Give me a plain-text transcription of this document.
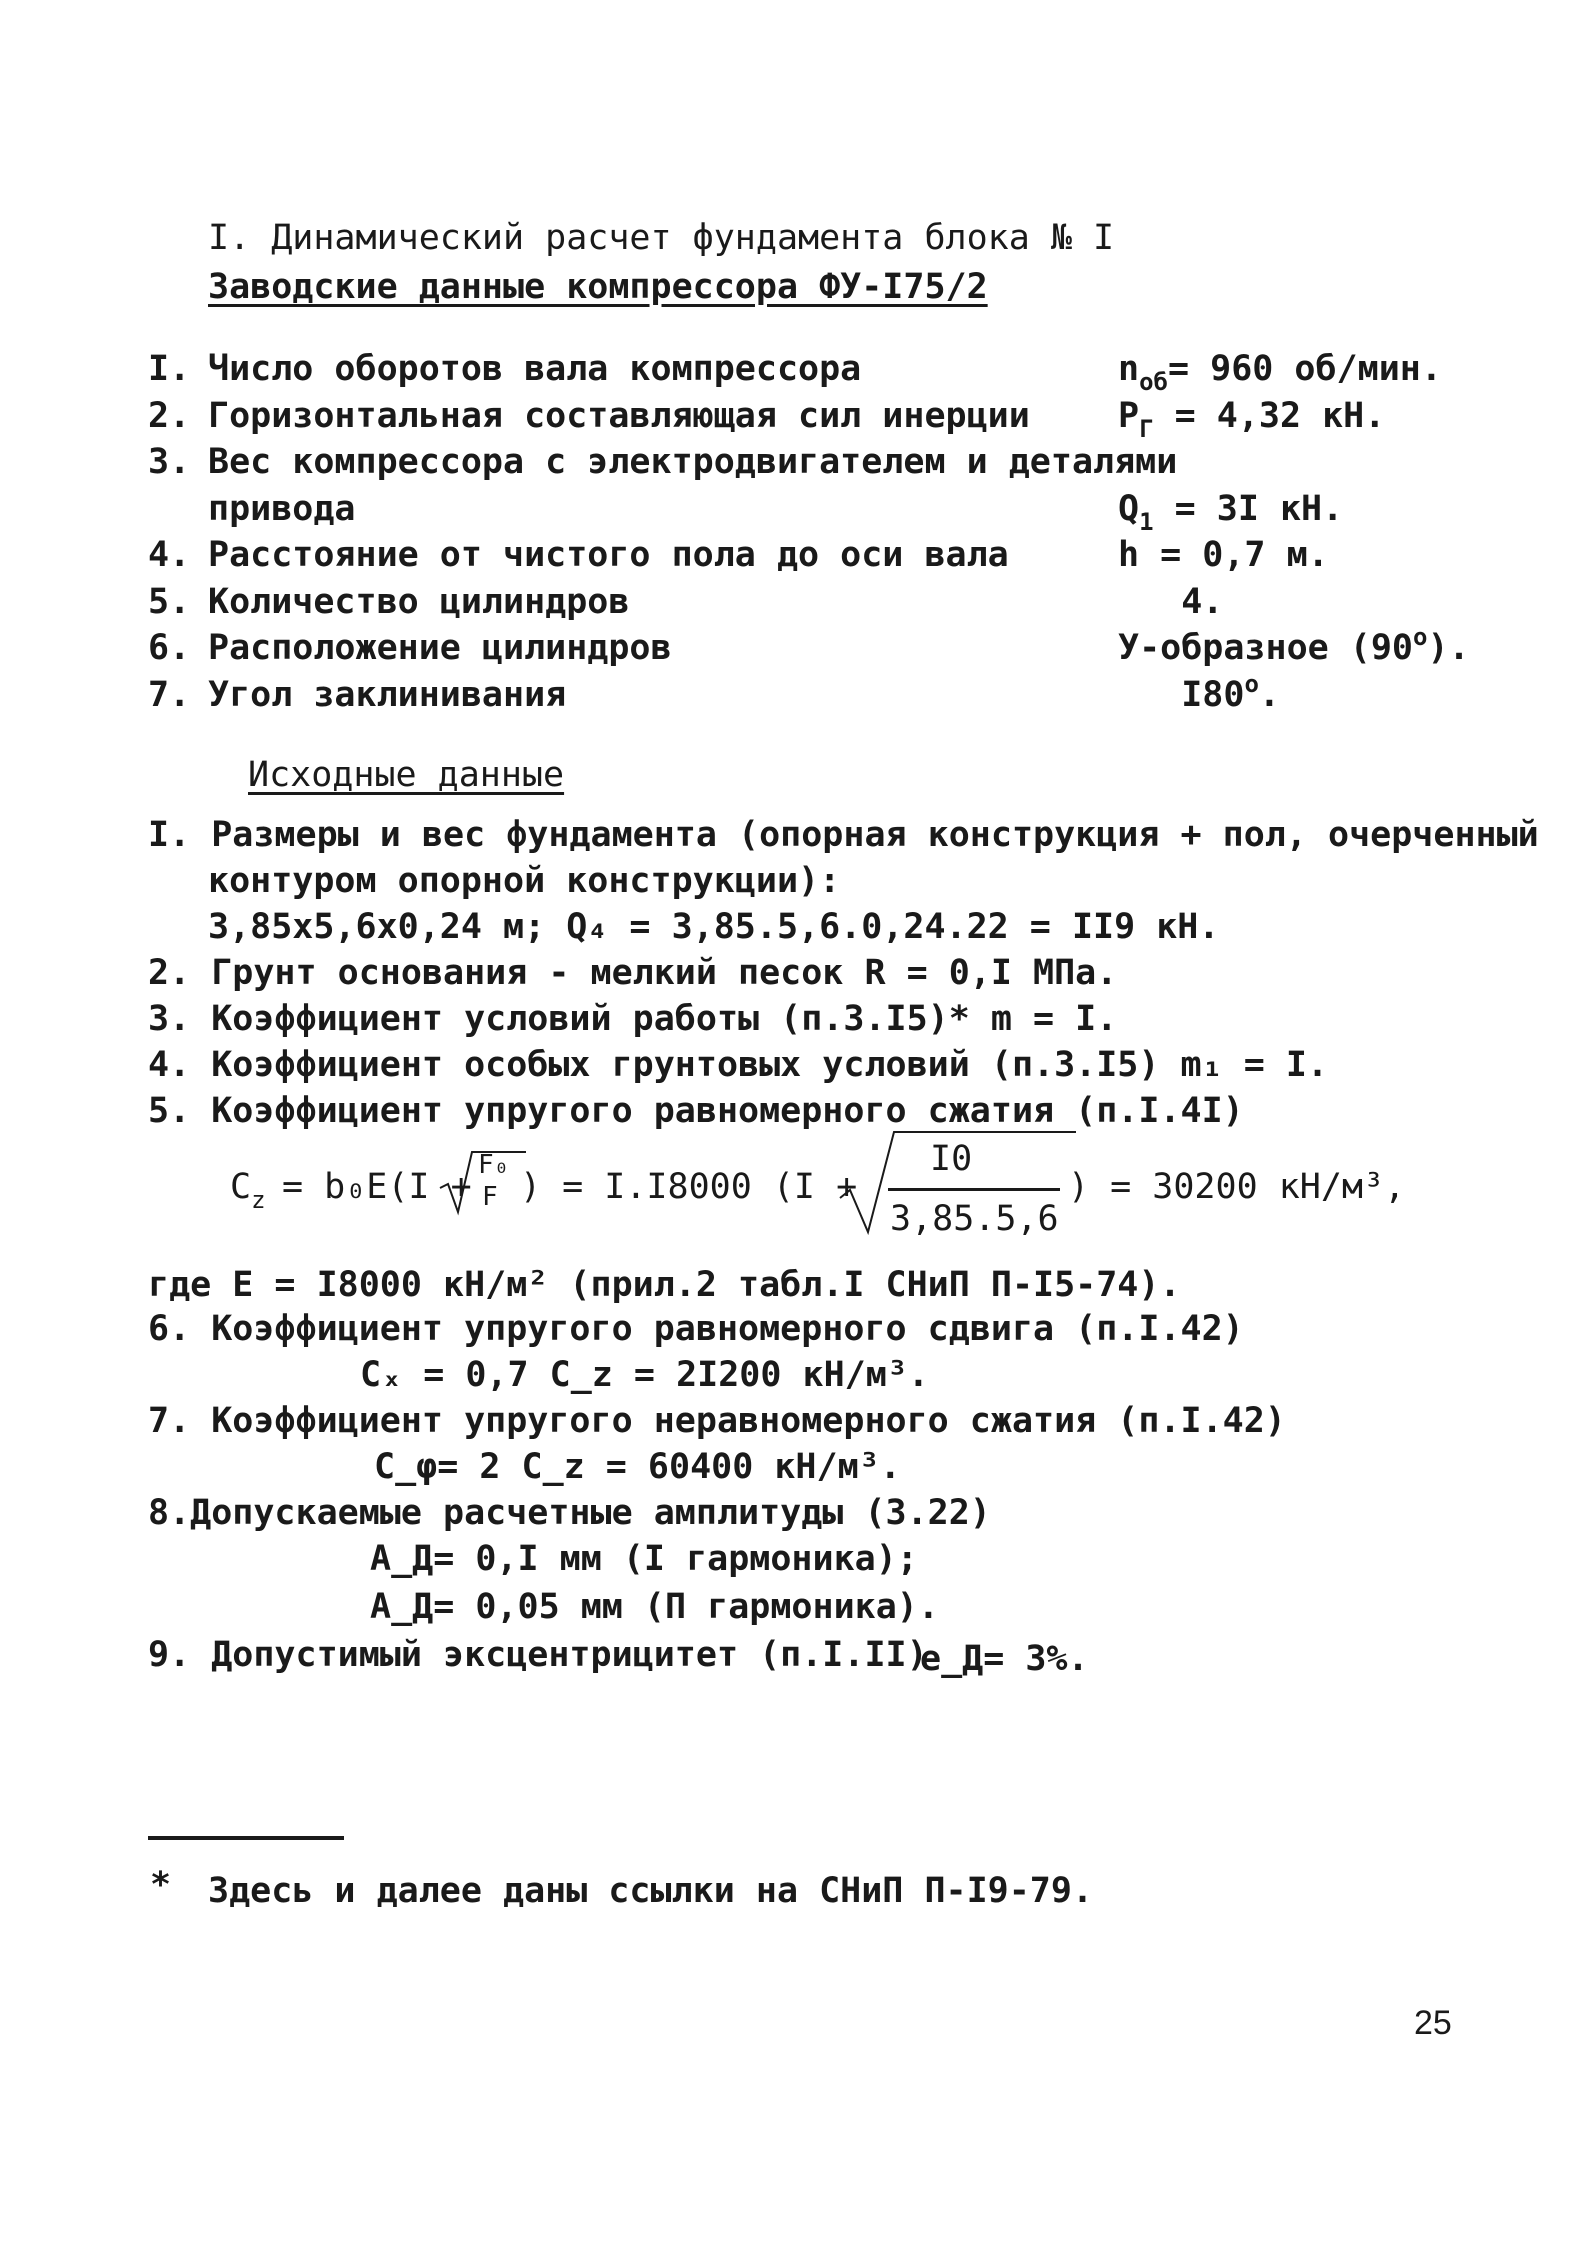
I. Динамический расчет фундамента блока № I
Заводские данные компрессора ФУ-I75/2
I. Число оборотов вала компрессора	$n_{об}= 960$ об/мин.
2. Горизонтальная составляющая сил инерции	$P_Г = 4,32$ кН.
3. Вес компрессора с электродвигателем и деталями
привода	$Q_1 = 3I$ кН.
4. Расстояние от чистого пола до оси вала	h = 0,7 м.
5. Количество цилиндров	4.
6. Расположение цилиндров	У-образное (90$^o$).
7. Угол заклинивания	I80$^o$.
Исходные данные
I. Размеры и вес фундамента (опорная конструкция + пол, очерченный
контуром опорной конструкции):
3,85x5,6x0,24 м; Q₄ = 3,85.5,6.0,24.22 = II9 кН.
2. Грунт основания - мелкий песок R = 0,I МПа.
3. Коэффициент условий работы (п.3.I5)* m = I.
4. Коэффициент особых грунтовых условий (п.3.I5) m₁ = I.
5. Коэффициент упругого равномерного сжатия (п.I.4I)
$C_z = b_0E(I$ +
F₀
F ) = I.I8000 (I +
I0
3,85.5,6
) = 30200 кН/м³,
где E = I8000 кН/м² (прил.2 табл.I СНиП П-I5-74).
6. Коэффициент упругого равномерного сдвига (п.I.42)
Cₓ = 0,7 C_z = 2I200 кН/м³.
7. Коэффициент упругого неравномерного сжатия (п.I.42)
C_φ= 2 C_z = 60400 кН/м³.
8.Допускаемые расчетные амплитуды (3.22)
A_Д= 0,I мм (I гармоника);
A_Д= 0,05 мм (П гармоника).
9. Допустимый эксцентрицитет (п.I.II)
e_Д= 3%.
* Здесь и далее даны ссылки на СНиП П-I9-79.
25
